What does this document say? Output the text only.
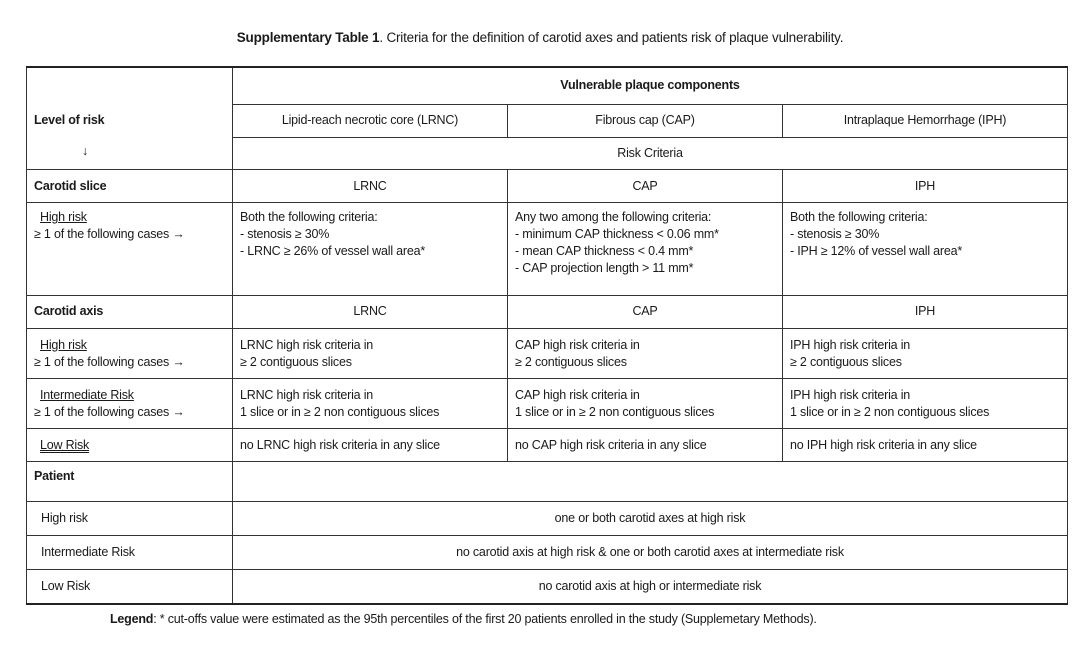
Supplementary Table 1. Criteria for the definition of carotid axes and patients risk of plaque vulnerability.
Level of risk
↓	Vulnerable plaque components		
	Lipid-reach necrotic core (LRNC)	Fibrous cap (CAP)	Intraplaque Hemorrhage (IPH)
	Risk Criteria		
Carotid slice	LRNC	CAP	IPH

High risk
≥ 1 of the following cases →	Both the following criteria:
- stenosis ≥ 30%
- LRNC ≥ 26% of vessel wall area*	Any two among the following criteria:
- minimum CAP thickness < 0.06 mm*
- mean CAP thickness < 0.4 mm*
- CAP projection length > 11 mm*	Both the following criteria:
- stenosis ≥ 30%
- IPH ≥ 12% of vessel wall area*

Carotid axis	LRNC	CAP	IPH

High risk
≥ 1 of the following cases →	LRNC high risk criteria in
≥ 2 contiguous slices	CAP high risk criteria in
≥ 2 contiguous slices	IPH high risk criteria in
≥ 2 contiguous slices

Intermediate Risk
≥ 1 of the following cases →	LRNC high risk criteria in
1 slice or in ≥ 2 non contiguous slices	CAP high risk criteria in
1 slice or in ≥ 2 non contiguous slices	IPH high risk criteria in
1 slice or in ≥ 2 non contiguous slices

Low Risk	no LRNC high risk criteria in any slice	no CAP high risk criteria in any slice	no IPH high risk criteria in any slice
Patient			
High risk	one or both carotid axes at high risk		
Intermediate Risk	no carotid axis at high risk & one or both carotid axes at intermediate risk		
Low Risk	no carotid axis at high or intermediate risk		
Legend: * cut-offs value were estimated as the 95th percentiles of the first 20 patients enrolled in the study (Supplemetary Methods).
